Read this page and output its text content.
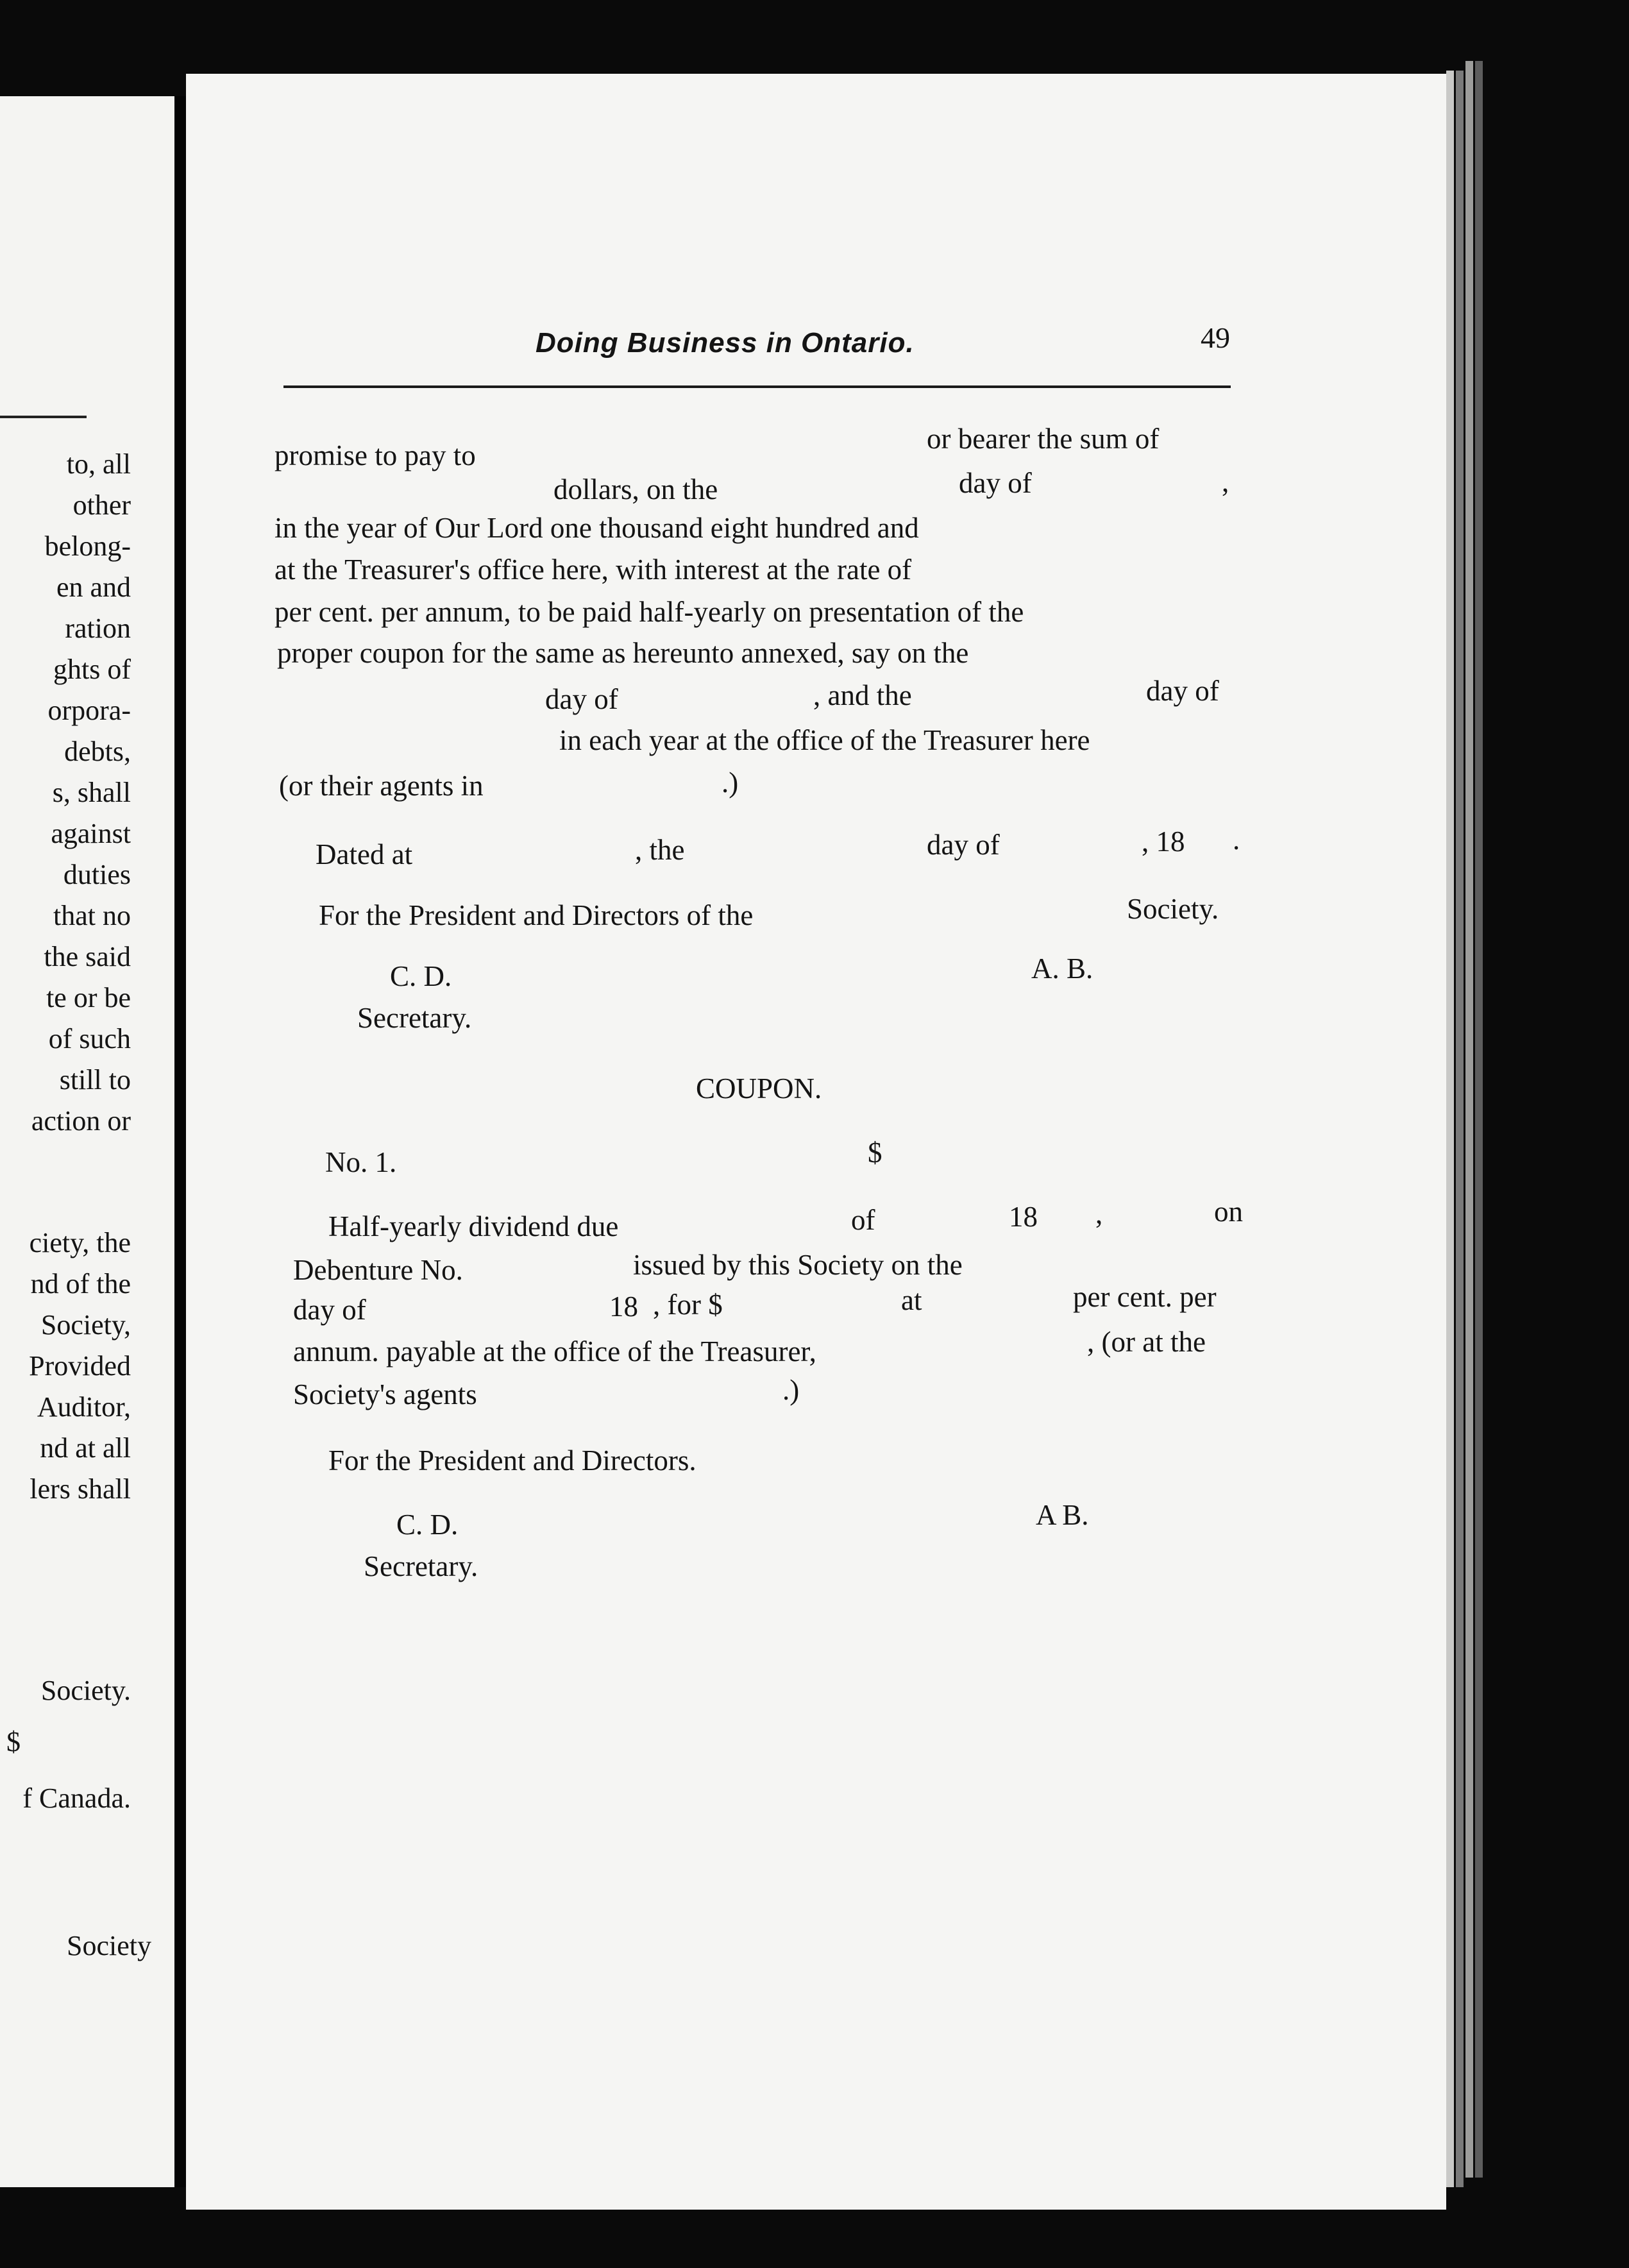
to, all
other
belong-
en and
ration
ghts of
orpora-
debts,
s, shall
against
duties
that no
the said
te or be
of such
still to
action or
ciety, the
nd of the
Society,
Provided
Auditor,
nd at all
lers shall
Society.
$
f Canada.
Society
Doing Business in Ontario.	49
promise to pay to
or bearer the sum of
dollars, on the	day of	,
in the year of Our Lord one thousand eight hundred and
at the Treasurer's office here, with interest at the rate of
per cent. per annum, to be paid half-yearly on presentation of the
proper coupon for the same as hereunto annexed, say on the
day of	, and the	day of
in each year at the office of the Treasurer here
(or their agents in	.)
Dated at	, the	day of	, 18 .
For the President and Directors of the	Society.
C. D.	A. B.
Secretary.
COUPON.
No. 1.	$
Half-yearly dividend due	of	18 ,	on
Debenture No.	issued by this Society on the
day of	18 , for $	at	per cent. per
annum. payable at the office of the Treasurer,	, (or at the
Society's agents	.)
For the President and Directors.
C. D.	A B.
Secretary.
